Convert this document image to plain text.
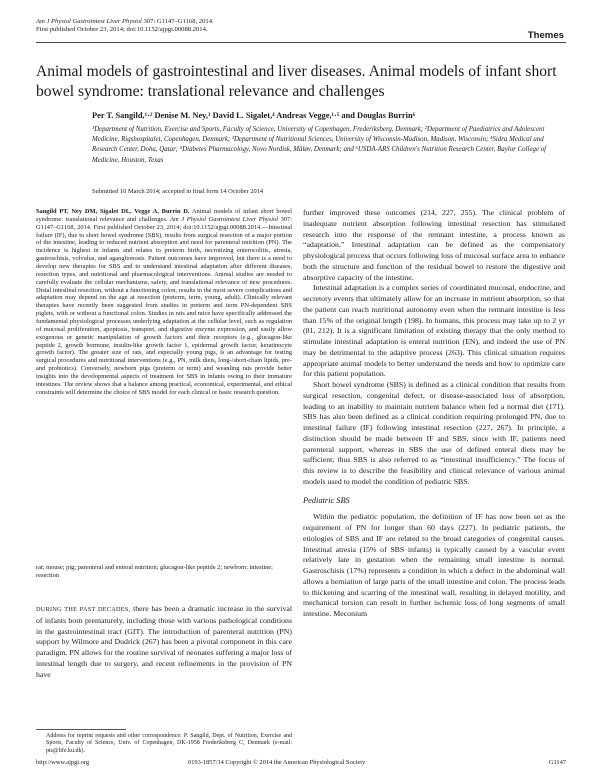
Am J Physiol Gastrointest Liver Physiol 307: G1147–G1168, 2014.
First published October 23, 2014; doi:10.1152/ajpgi.00088.2014.
Themes
Animal models of gastrointestinal and liver diseases. Animal models of infant short bowel syndrome: translational relevance and challenges
Per T. Sangild,¹·² Denise M. Ney,³ David L. Sigalet,⁴ Andreas Vegge,¹·⁵ and Douglas Burrin⁶
¹Department of Nutrition, Exercise and Sports, Faculty of Science, University of Copenhagen, Frederiksberg, Denmark; ²Department of Paediatrics and Adolescent Medicine, Rigshospitalet, Copenhagen, Denmark; ³Department of Nutritional Sciences, University of Wisconsin-Madison, Madison, Wisconsin; ⁴Sidra Medical and Research Center, Doha, Qatar; ⁵Diabetes Pharmacology, Novo Nordisk, Måløv, Denmark; and ⁶USDA-ARS Children's Nutrition Research Center, Baylor College of Medicine, Houston, Texas
Submitted 10 March 2014; accepted in final form 14 October 2014
Sangild PT, Ney DM, Sigalet DL, Vegge A, Burrin D. Animal models of infant short bowel syndrome: translational relevance and challenges. Am J Physiol Gastrointest Liver Physiol 307: G1147–G1168, 2014. First published October 23, 2014; doi:10.1152/ajpgi.00088.2014.—Intestinal failure (IF), due to short bowel syndrome (SBS), results from surgical resection of a major portion of the intestine, leading to reduced nutrient absorption and need for parenteral nutrition (PN). The incidence is highest in infants and relates to preterm birth, necrotizing enterocolitis, atresia, gastroschisis, volvulus, and aganglionosis. Patient outcomes have improved, but there is a need to develop new therapies for SBS and to understand intestinal adaptation after different diseases, resection types, and nutritional and pharmacological interventions. Animal studies are needed to carefully evaluate the cellular mechanisms, safety, and translational relevance of new procedures. Distal intestinal resection, without a functioning colon, results in the most severe complications and adaptation may depend on the age at resection (preterm, term, young, adult). Clinically relevant therapies have recently been suggested from studies in preterm and term PN-dependent SBS piglets, with or without a functional colon. Studies in rats and mice have specifically addressed the fundamental physiological processes underlying adaptation at the cellular level, such as regulation of mucosal proliferation, apoptosis, transport, and digestive enzyme expression, and easily allow exogenous or genetic manipulation of growth factors and their receptors (e.g., glucagon-like peptide 2, growth hormone, insulin-like growth factor 1, epidermal growth factor, keratinocyte growth factor). The greater size of rats, and especially young pigs, is an advantage for testing surgical procedures and nutritional interventions (e.g., PN, milk diets, long-/short-chain lipids, pre- and probiotics). Conversely, newborn pigs (preterm or term) and weanling rats provide better insights into the developmental aspects of treatment for SBS in infants owing to their immature intestines. The review shows that a balance among practical, economical, experimental, and ethical constraints will determine the choice of SBS model for each clinical or basic research question.
rat; mouse; pig; parenteral and enteral nutrition; glucagon-like peptide 2; newborn; intestine; resection
DURING THE PAST DECADES, there has been a dramatic increase in the survival of infants born prematurely, including those with various pathological conditions in the gastrointestinal tract (GIT). The introduction of parenteral nutrition (PN) support by Wilmore and Dudrick (267) has been a pivotal component in this care paradigm. PN allows for the routine survival of neonates suffering a major loss of intestinal length due to surgery, and recent refinements in the provision of PN have
Address for reprint requests and other correspondence: P. Sangild, Dept. of Nutrition, Exercise and Sports, Faculty of Science, Univ. of Copenhagen, DK-1958 Frederiksberg C, Denmark (e-mail: pts@life.ku.dk).

further improved these outcomes (214, 227, 255). The clinical problem of inadequate nutrient absorption following intestinal resection has stimulated research into the response of the remnant intestine, a process known as “adaptation.” Intestinal adaptation can be defined as the compensatory physiological process that occurs following loss of mucosal surface area to enhance both the structure and function of the residual bowel to restore the digestive and absorptive capacity of the intestine.

Intestinal adaptation is a complex series of coordinated mucosal, endocrine, and secretory events that ultimately allow for an increase in nutrient absorption, so that the patient can reach nutritional autonomy even when the remnant intestine is less than 15% of the original length (198). In humans, this process may take up to 2 yr (81, 212). It is a significant limitation of existing therapy that the only method to stimulate intestinal adaptation is enteral nutrition (EN), and indeed the use of PN may be detrimental to the adaptive process (263). This clinical situation requires appropriate animal models to better understand the needs and how to optimize care for this patient population.

Short bowel syndrome (SBS) is defined as a clinical condition that results from surgical resection, congenital defect, or disease-associated loss of absorption, leading to an inability to maintain nutrient balance when fed a normal diet (171). SBS has also been defined as a clinical condition requiring prolonged PN, due to intestinal failure (IF) following intestinal resection (227, 267). In principle, a distinction should be made between IF and SBS, since with IF, patients need parenteral support, whereas in SBS the use of defined enteral diets may be sufficient; thus SBS is also referred to as “intestinal insufficiency.” The focus of this review is to describe the feasibility and clinical relevance of various animal models used to model the condition of pediatric SBS.

Pediatric SBS

Within the pediatric population, the definition of IF has now been set as the requirement of PN for longer than 60 days (227). In pediatric patients, the etiologies of SBS and IF are related to the broad categories of congenital causes. Intestinal atresia (15% of SBS infants) is typically caused by a vascular event relatively late in gestation when the remaining small intestine is normal. Gastroschisis (17%) represents a condition in which a defect in the abdominal wall allows a herniation of large parts of the small intestine and colon. The process leads to thickening and scarring of the intestinal wall, resulting in delayed motility, and mechanical torsion can result in further ischemic loss of long segments of small intestine. Meconium

http://www.ajpgi.org	0193-1857/14 Copyright © 2014 the American Physiological Society	G1147
